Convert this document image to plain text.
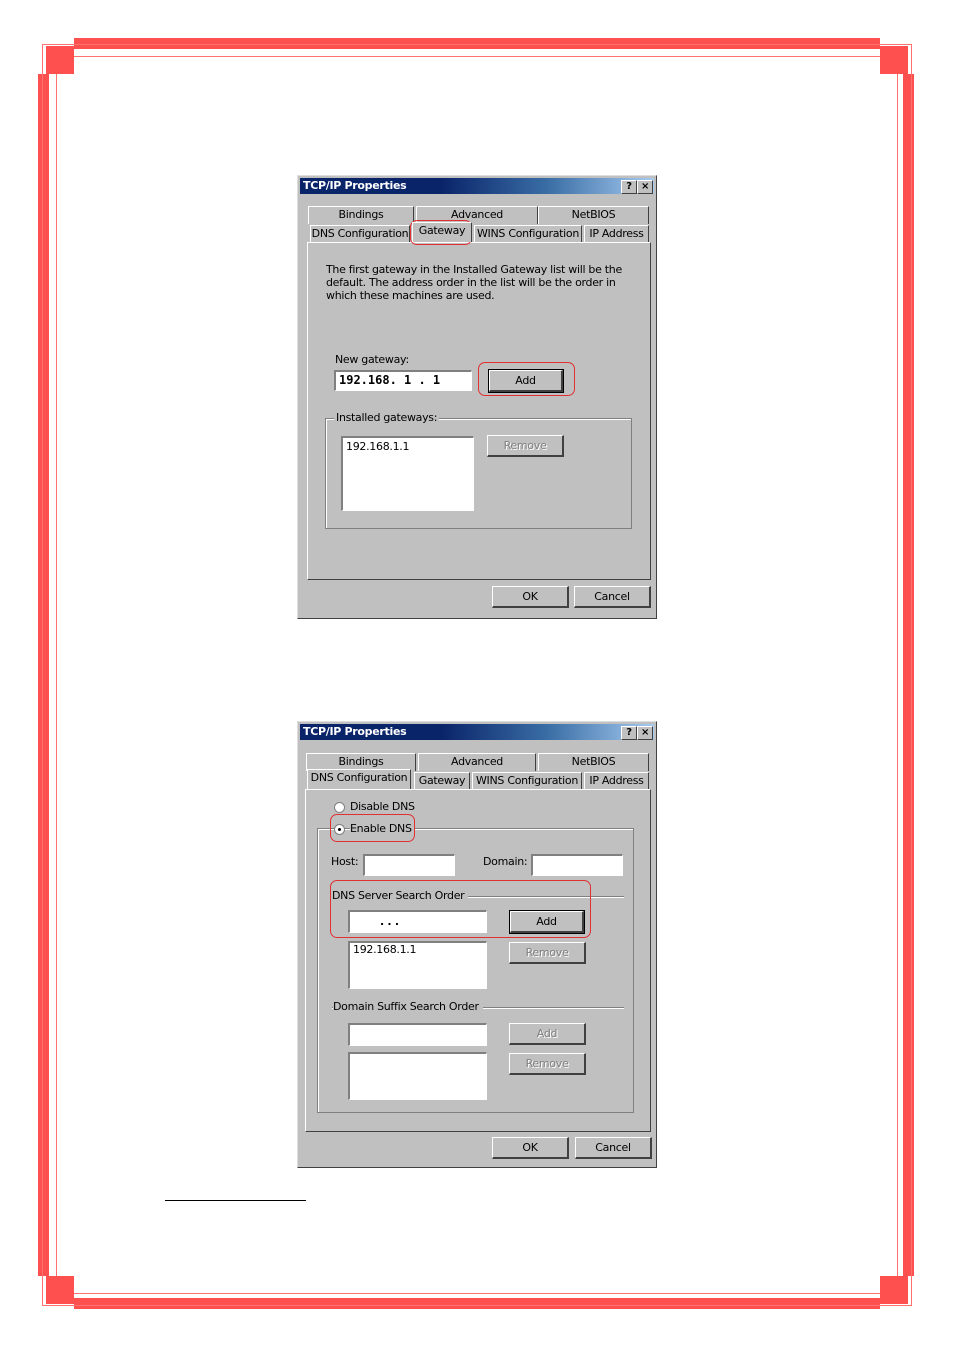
TCP/IP Properties	? ×
Bindings	Advanced	NetBIOS
DNS Configuration Gateway	WINS Configuration IP Address
The first gateway in the Installed Gateway list will be the default. The address order in the list will be the order in which these machines are used.
New gateway:
192.168. 1 . 1	Add
Installed gateways:
192.168.1.1	Remove
OK	Cancel
TCP/IP Properties	? ×
Bindings	Advanced	NetBIOS
DNS Configuration	Gateway WINS Configuration	IP Address
Disable DNS
Enable DNS
Host:	Domain:
DNS Server Search Order
. . .	Add
192.168.1.1	Remove
Domain Suffix Search Order
Add
Remove
OK	Cancel
